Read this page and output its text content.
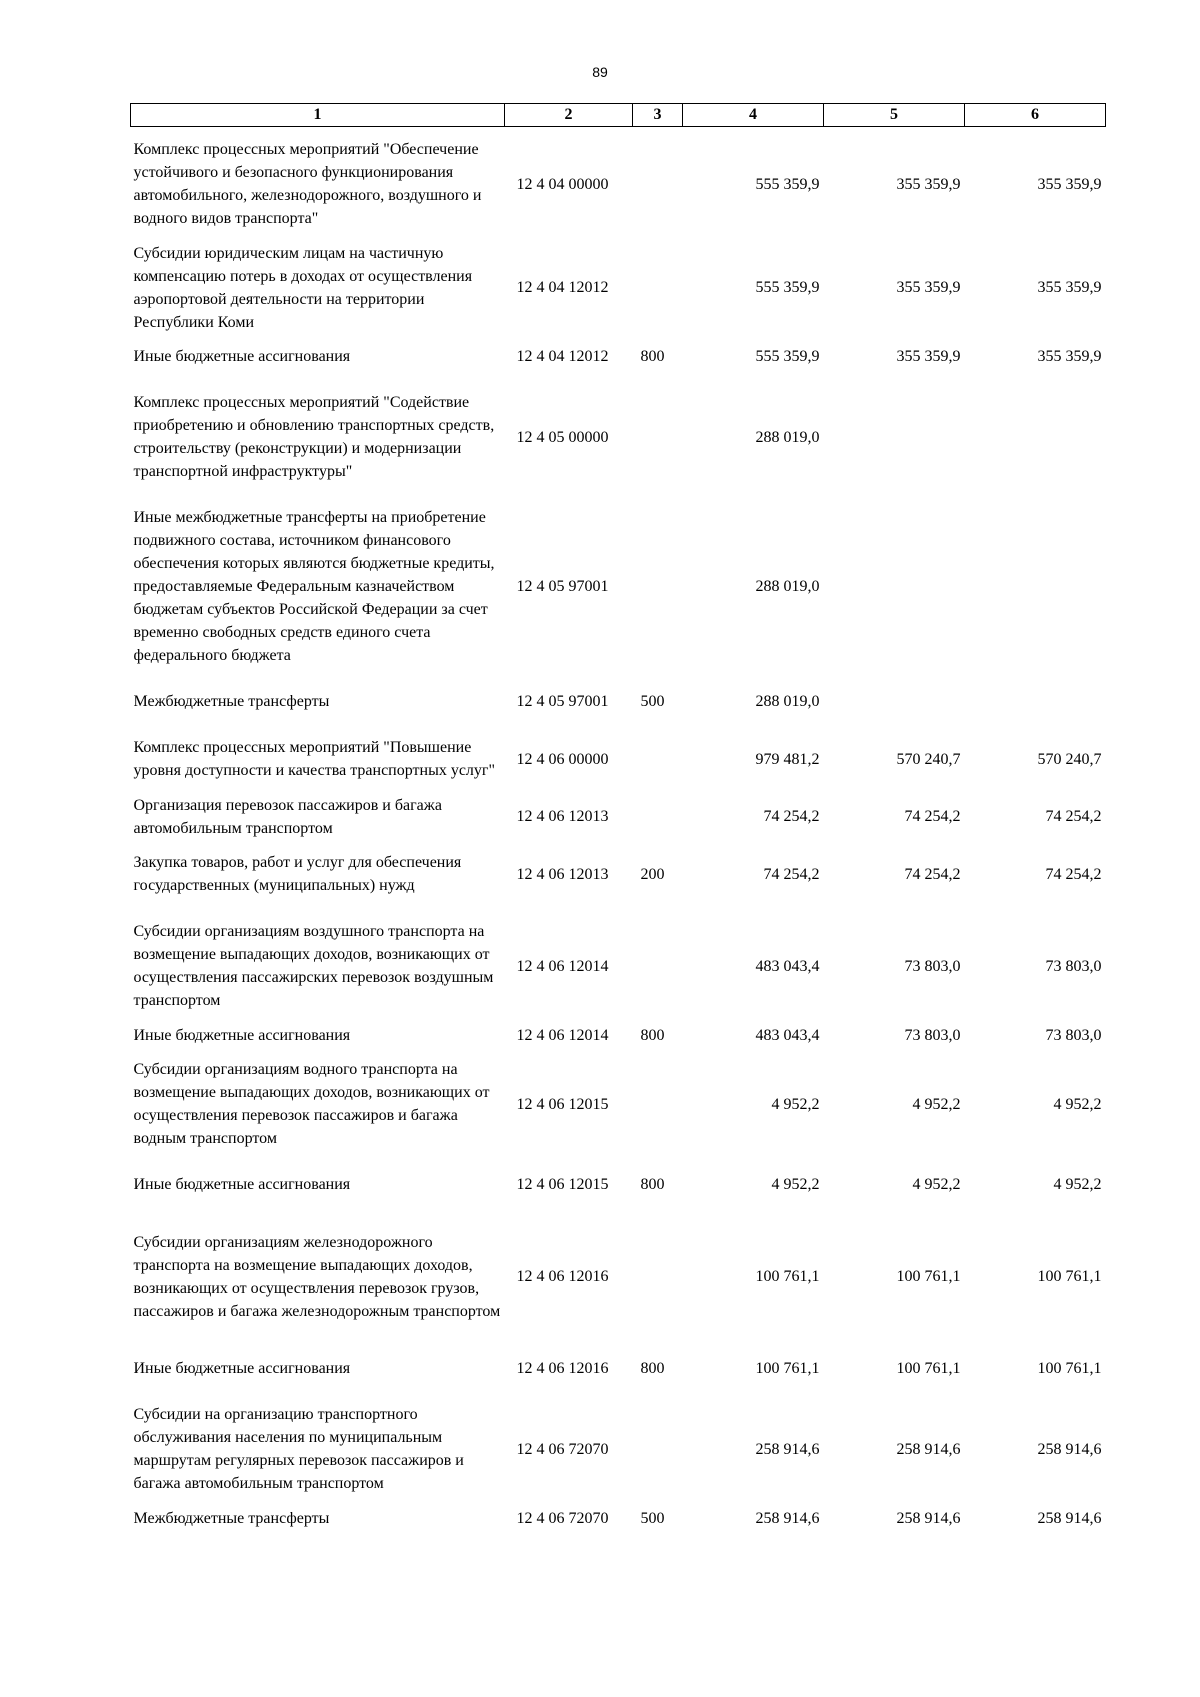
89
1	2	3	4	5	6
Комплекс процессных мероприятий "Обеспечение устойчивого и безопасного функционирования автомобильного, железнодорожного, воздушного и водного видов транспорта"	12 4 04 00000		555 359,9	355 359,9	355 359,9
Субсидии юридическим лицам на частичную компенсацию потерь в доходах от осуществления аэропортовой деятельности на территории Республики Коми	12 4 04 12012		555 359,9	355 359,9	355 359,9
Иные бюджетные ассигнования	12 4 04 12012	800	555 359,9	355 359,9	355 359,9
Комплекс процессных мероприятий "Содействие приобретению и обновлению транспортных средств, строительству (реконструкции) и модернизации транспортной инфраструктуры"	12 4 05 00000		288 019,0		
Иные межбюджетные трансферты на приобретение подвижного состава, источником финансового обеспечения которых являются бюджетные кредиты, предоставляемые Федеральным казначейством бюджетам субъектов Российской Федерации за счет временно свободных средств единого счета федерального бюджета	12 4 05 97001		288 019,0		
Межбюджетные трансферты	12 4 05 97001	500	288 019,0		
Комплекс процессных мероприятий "Повышение уровня доступности и качества транспортных услуг"	12 4 06 00000		979 481,2	570 240,7	570 240,7
Организация перевозок пассажиров и багажа автомобильным транспортом	12 4 06 12013		74 254,2	74 254,2	74 254,2
Закупка товаров, работ и услуг для обеспечения государственных (муниципальных) нужд	12 4 06 12013	200	74 254,2	74 254,2	74 254,2
Субсидии организациям воздушного транспорта на возмещение выпадающих доходов, возникающих от осуществления пассажирских перевозок воздушным транспортом	12 4 06 12014		483 043,4	73 803,0	73 803,0
Иные бюджетные ассигнования	12 4 06 12014	800	483 043,4	73 803,0	73 803,0
Субсидии организациям водного транспорта на возмещение выпадающих доходов, возникающих от осуществления перевозок пассажиров и багажа водным транспортом	12 4 06 12015		4 952,2	4 952,2	4 952,2
Иные бюджетные ассигнования	12 4 06 12015	800	4 952,2	4 952,2	4 952,2
Субсидии организациям железнодорожного транспорта на возмещение выпадающих доходов, возникающих от осуществления перевозок грузов, пассажиров и багажа железнодорожным транспортом	12 4 06 12016		100 761,1	100 761,1	100 761,1
Иные бюджетные ассигнования	12 4 06 12016	800	100 761,1	100 761,1	100 761,1
Субсидии на организацию транспортного обслуживания населения по муниципальным маршрутам регулярных перевозок пассажиров и багажа автомобильным транспортом	12 4 06 72070		258 914,6	258 914,6	258 914,6
Межбюджетные трансферты	12 4 06 72070	500	258 914,6	258 914,6	258 914,6
